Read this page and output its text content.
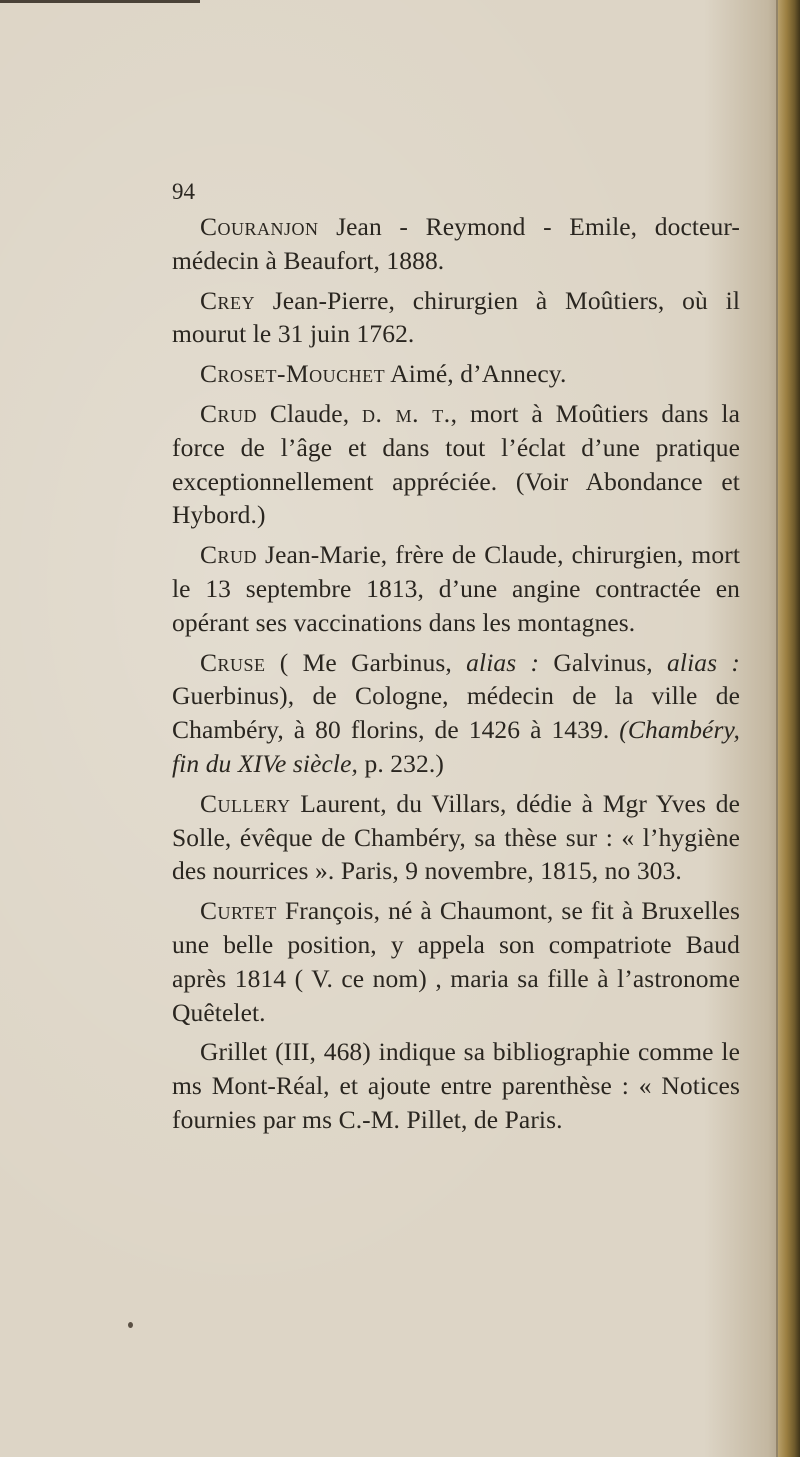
94

Couranjon Jean - Reymond - Emile, docteur-médecin à Beaufort, 1888.

Crey Jean-Pierre, chirurgien à Moûtiers, où il mourut le 31 juin 1762.

Croset-Mouchet Aimé, d’Annecy.

Crud Claude, d. m. t., mort à Moûtiers dans la force de l’âge et dans tout l’éclat d’une pratique exceptionnellement appréciée. (Voir Abondance et Hybord.)

Crud Jean-Marie, frère de Claude, chirurgien, mort le 13 septembre 1813, d’une angine contractée en opérant ses vaccinations dans les montagnes.

Cruse ( Me Garbinus, alias : Galvinus, alias : Guerbinus), de Cologne, médecin de la ville de Chambéry, à 80 florins, de 1426 à 1439. (Chambéry, fin du XIVe siècle, p. 232.)

Cullery Laurent, du Villars, dédie à Mgr Yves de Solle, évêque de Chambéry, sa thèse sur : « l’hygiène des nourrices ». Paris, 9 novembre, 1815, no 303.

Curtet François, né à Chaumont, se fit à Bruxelles une belle position, y appela son compatriote Baud après 1814 ( V. ce nom) , maria sa fille à l’astronome Quêtelet.

Grillet (III, 468) indique sa bibliographie comme le ms Mont-Réal, et ajoute entre parenthèse : « Notices fournies par ms C.-M. Pillet, de Paris.
